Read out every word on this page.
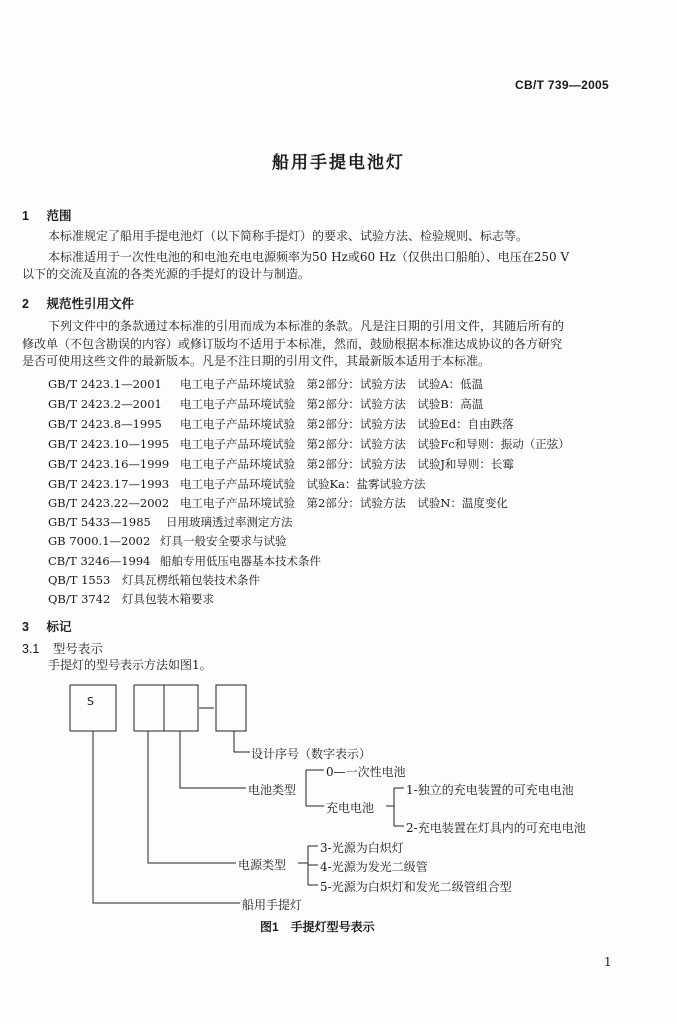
CB/T 739—2005
船用手提电池灯
1 范围
本标准规定了船用手提电池灯（以下简称手提灯）的要求、试验方法、检验规则、标志等。
本标准适用于一次性电池的和电池充电电源频率为50 Hz或60 Hz（仅供出口船舶）、电压在250 V
以下的交流及直流的各类光源的手提灯的设计与制造。
2 规范性引用文件
下列文件中的条款通过本标准的引用而成为本标准的条款。凡是注日期的引用文件，其随后所有的
修改单（不包含勘误的内容）或修订版均不适用于本标准，然而，鼓励根据本标准达成协议的各方研究
是否可使用这些文件的最新版本。凡是不注日期的引用文件，其最新版本适用于本标准。
GB/T 2423.1—2001 电工电子产品环境试验　第2部分：试验方法　试验A：低温
GB/T 2423.2—2001 电工电子产品环境试验　第2部分：试验方法　试验B：高温
GB/T 2423.8—1995 电工电子产品环境试验　第2部分：试验方法　试验Ed：自由跌落
GB/T 2423.10—1995 电工电子产品环境试验　第2部分：试验方法　试验Fc和导则：振动（正弦）
GB/T 2423.16—1999 电工电子产品环境试验　第2部分：试验方法　试验J和导则：长霉
GB/T 2423.17—1993 电工电子产品环境试验　试验Ka：盐雾试验方法
GB/T 2423.22—2002 电工电子产品环境试验　第2部分：试验方法　试验N：温度变化
GB/T 5433—1985 日用玻璃透过率测定方法
GB 7000.1—2002 灯具一般安全要求与试验
CB/T 3246—1994 船舶专用低压电器基本技术条件
QB/T 1553 灯具瓦楞纸箱包装技术条件
QB/T 3742 灯具包装木箱要求
3 标记
3.1 型号表示
手提灯的型号表示方法如图1。
S
设计序号（数字表示）
电池类型
0—一次性电池
充电电池
1-独立的充电装置的可充电电池
2-充电装置在灯具内的可充电电池
电源类型
3-光源为白炽灯
4-光源为发光二级管
5-光源为白炽灯和发光二级管组合型
船用手提灯
图1　手提灯型号表示
1
